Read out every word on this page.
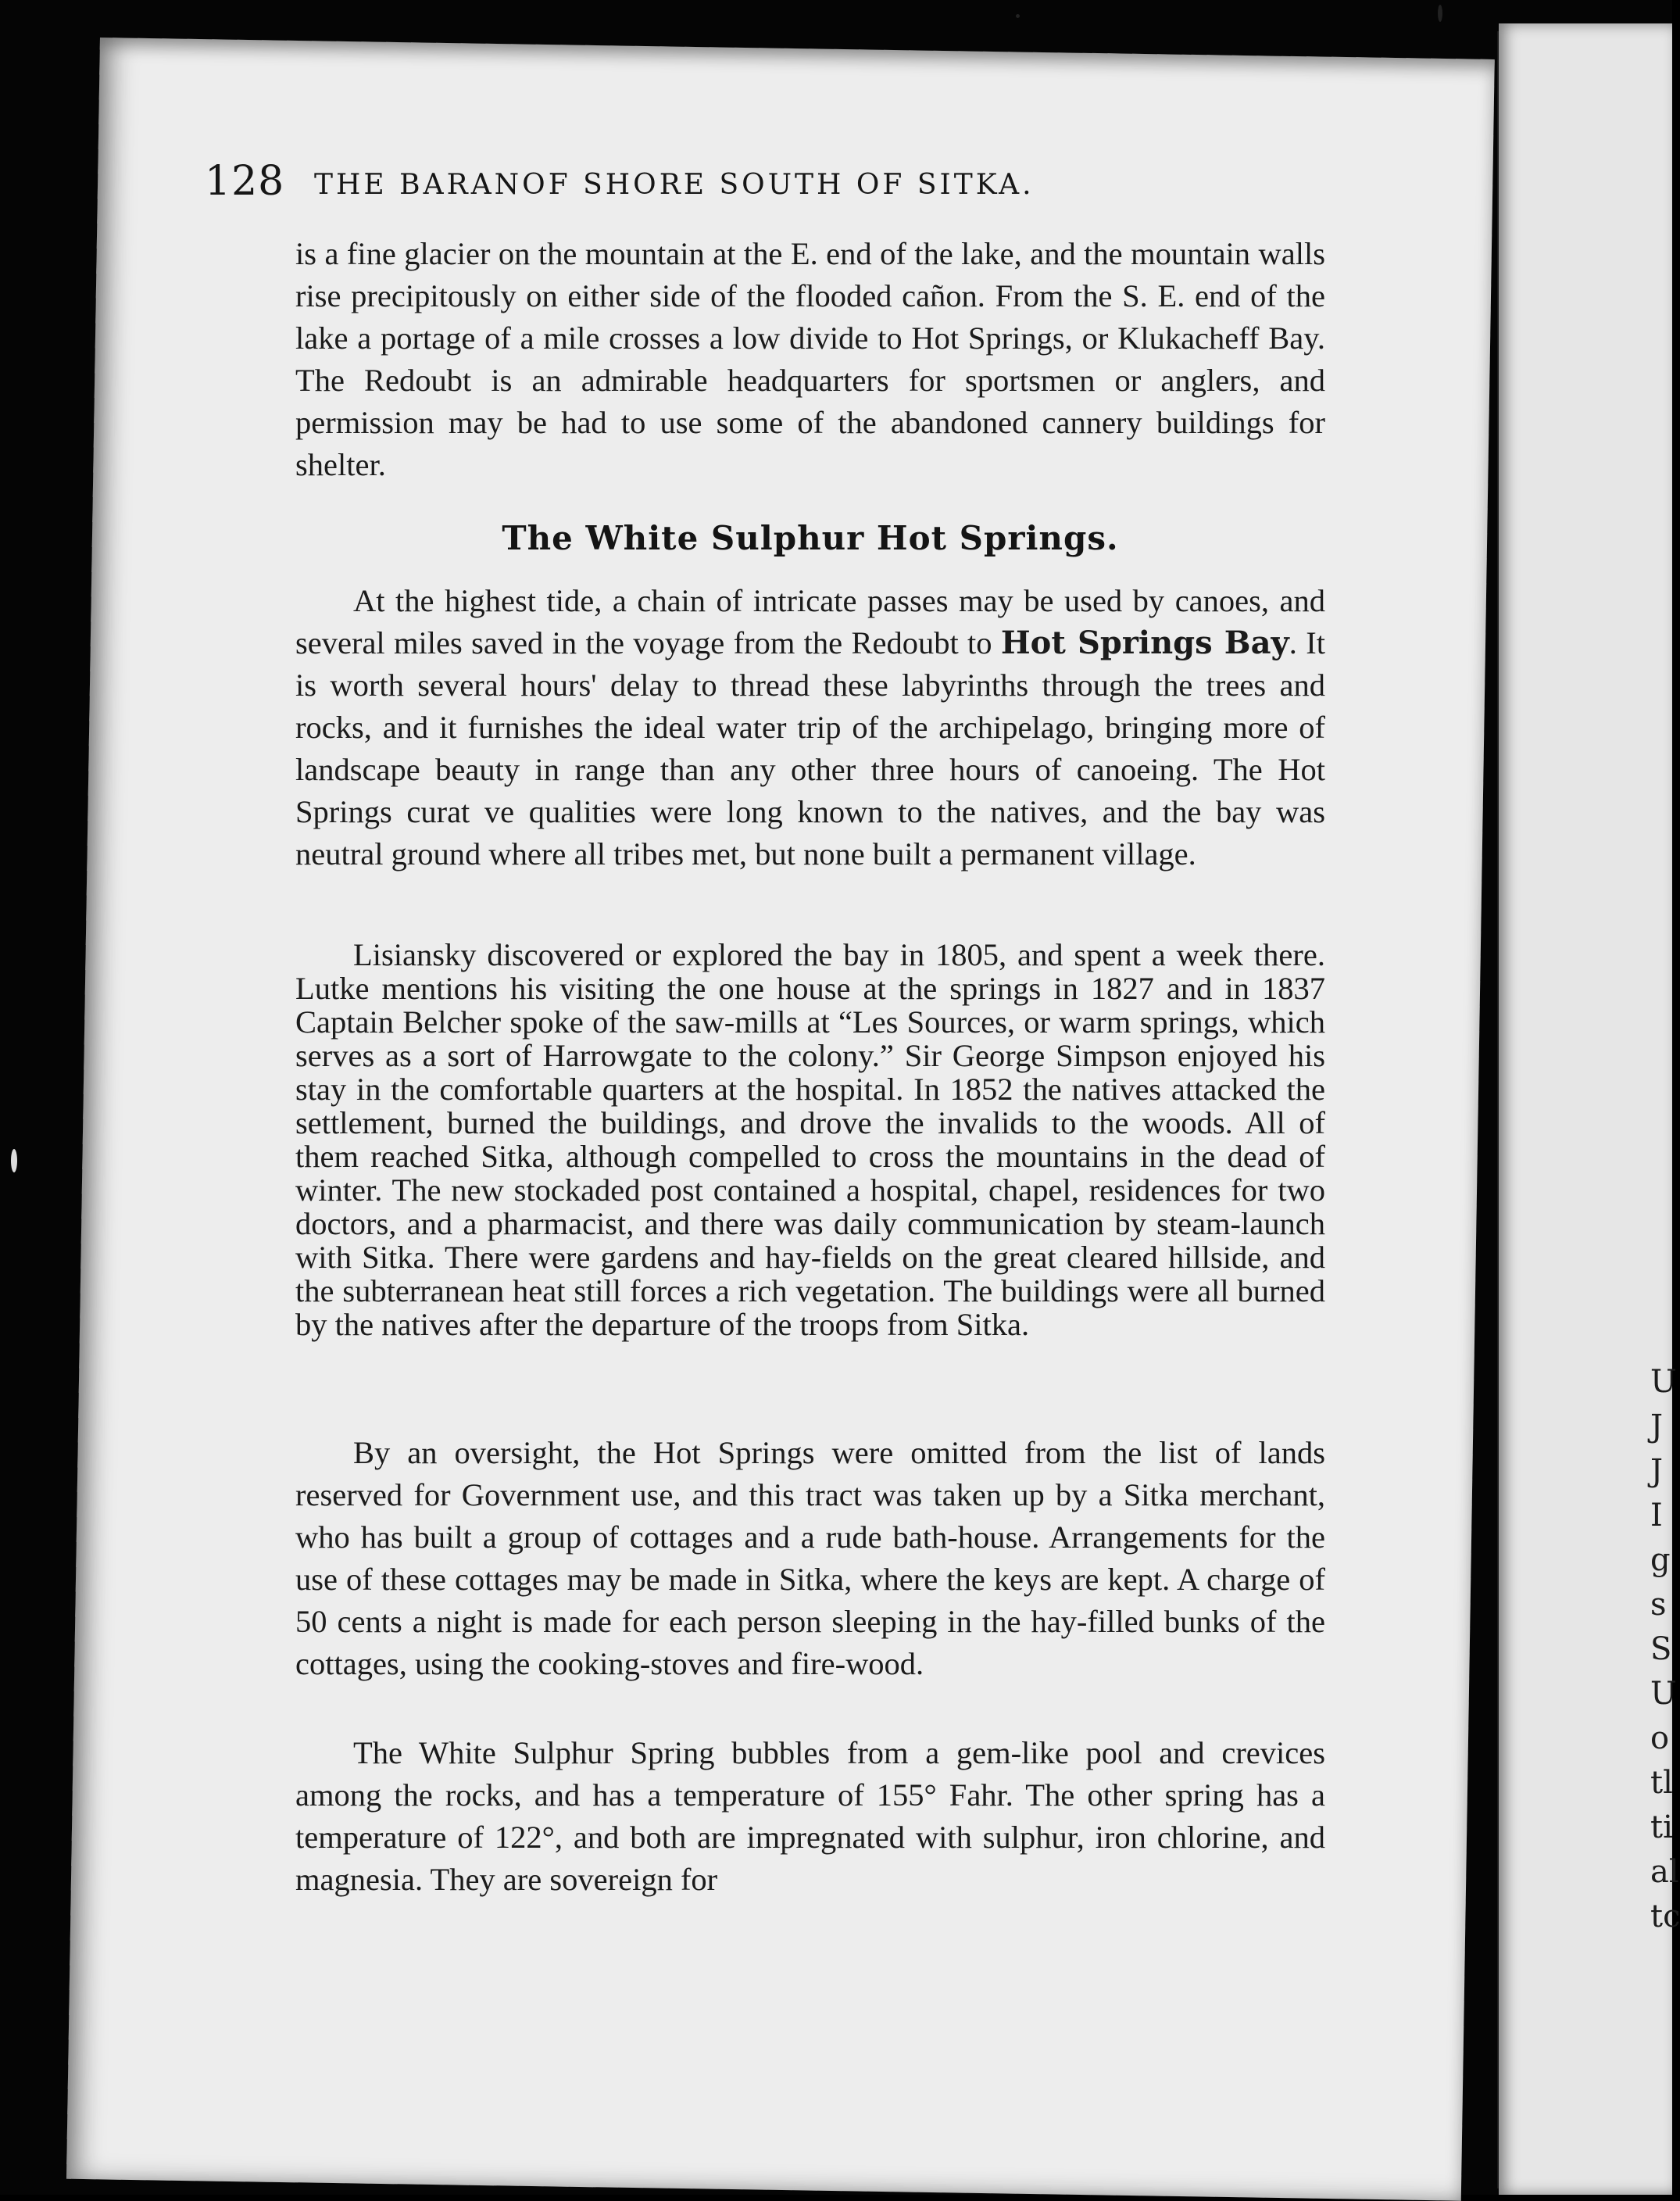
U
J
J
I
g
s
S
U
o
tl
ti
al
tc
128 THE BARANOF SHORE SOUTH OF SITKA.

is a fine glacier on the mountain at the E. end of the lake, and the mountain walls rise precipitously on either side of the flooded cañon. From the S. E. end of the lake a portage of a mile crosses a low divide to Hot Springs, or Klukacheff Bay. The Redoubt is an admirable headquarters for sportsmen or anglers, and permission may be had to use some of the abandoned cannery buildings for shelter.

The White Sulphur Hot Springs.

At the highest tide, a chain of intricate passes may be used by canoes, and several miles saved in the voyage from the Redoubt to Hot Springs Bay. It is worth several hours' delay to thread these labyrinths through the trees and rocks, and it furnishes the ideal water trip of the archipelago, bringing more of landscape beauty in range than any other three hours of canoeing. The Hot Springs curat ve qualities were long known to the natives, and the bay was neutral ground where all tribes met, but none built a permanent village.

Lisiansky discovered or explored the bay in 1805, and spent a week there. Lutke mentions his visiting the one house at the springs in 1827 and in 1837 Captain Belcher spoke of the saw-mills at “Les Sources, or warm springs, which serves as a sort of Harrowgate to the colony.” Sir George Simpson enjoyed his stay in the comfortable quarters at the hospital. In 1852 the natives attacked the settlement, burned the buildings, and drove the invalids to the woods. All of them reached Sitka, although compelled to cross the mountains in the dead of winter. The new stockaded post contained a hospital, chapel, residences for two doctors, and a pharmacist, and there was daily communication by steam-launch with Sitka. There were gardens and hay-fields on the great cleared hillside, and the subterranean heat still forces a rich vegetation. The buildings were all burned by the natives after the departure of the troops from Sitka.

By an oversight, the Hot Springs were omitted from the list of lands reserved for Government use, and this tract was taken up by a Sitka merchant, who has built a group of cottages and a rude bath-house. Arrangements for the use of these cottages may be made in Sitka, where the keys are kept. A charge of 50 cents a night is made for each person sleeping in the hay-filled bunks of the cottages, using the cooking-stoves and fire-wood.

The White Sulphur Spring bubbles from a gem-like pool and crevices among the rocks, and has a temperature of 155° Fahr. The other spring has a temperature of 122°, and both are impregnated with sulphur, iron chlorine, and magnesia. They are sovereign for
